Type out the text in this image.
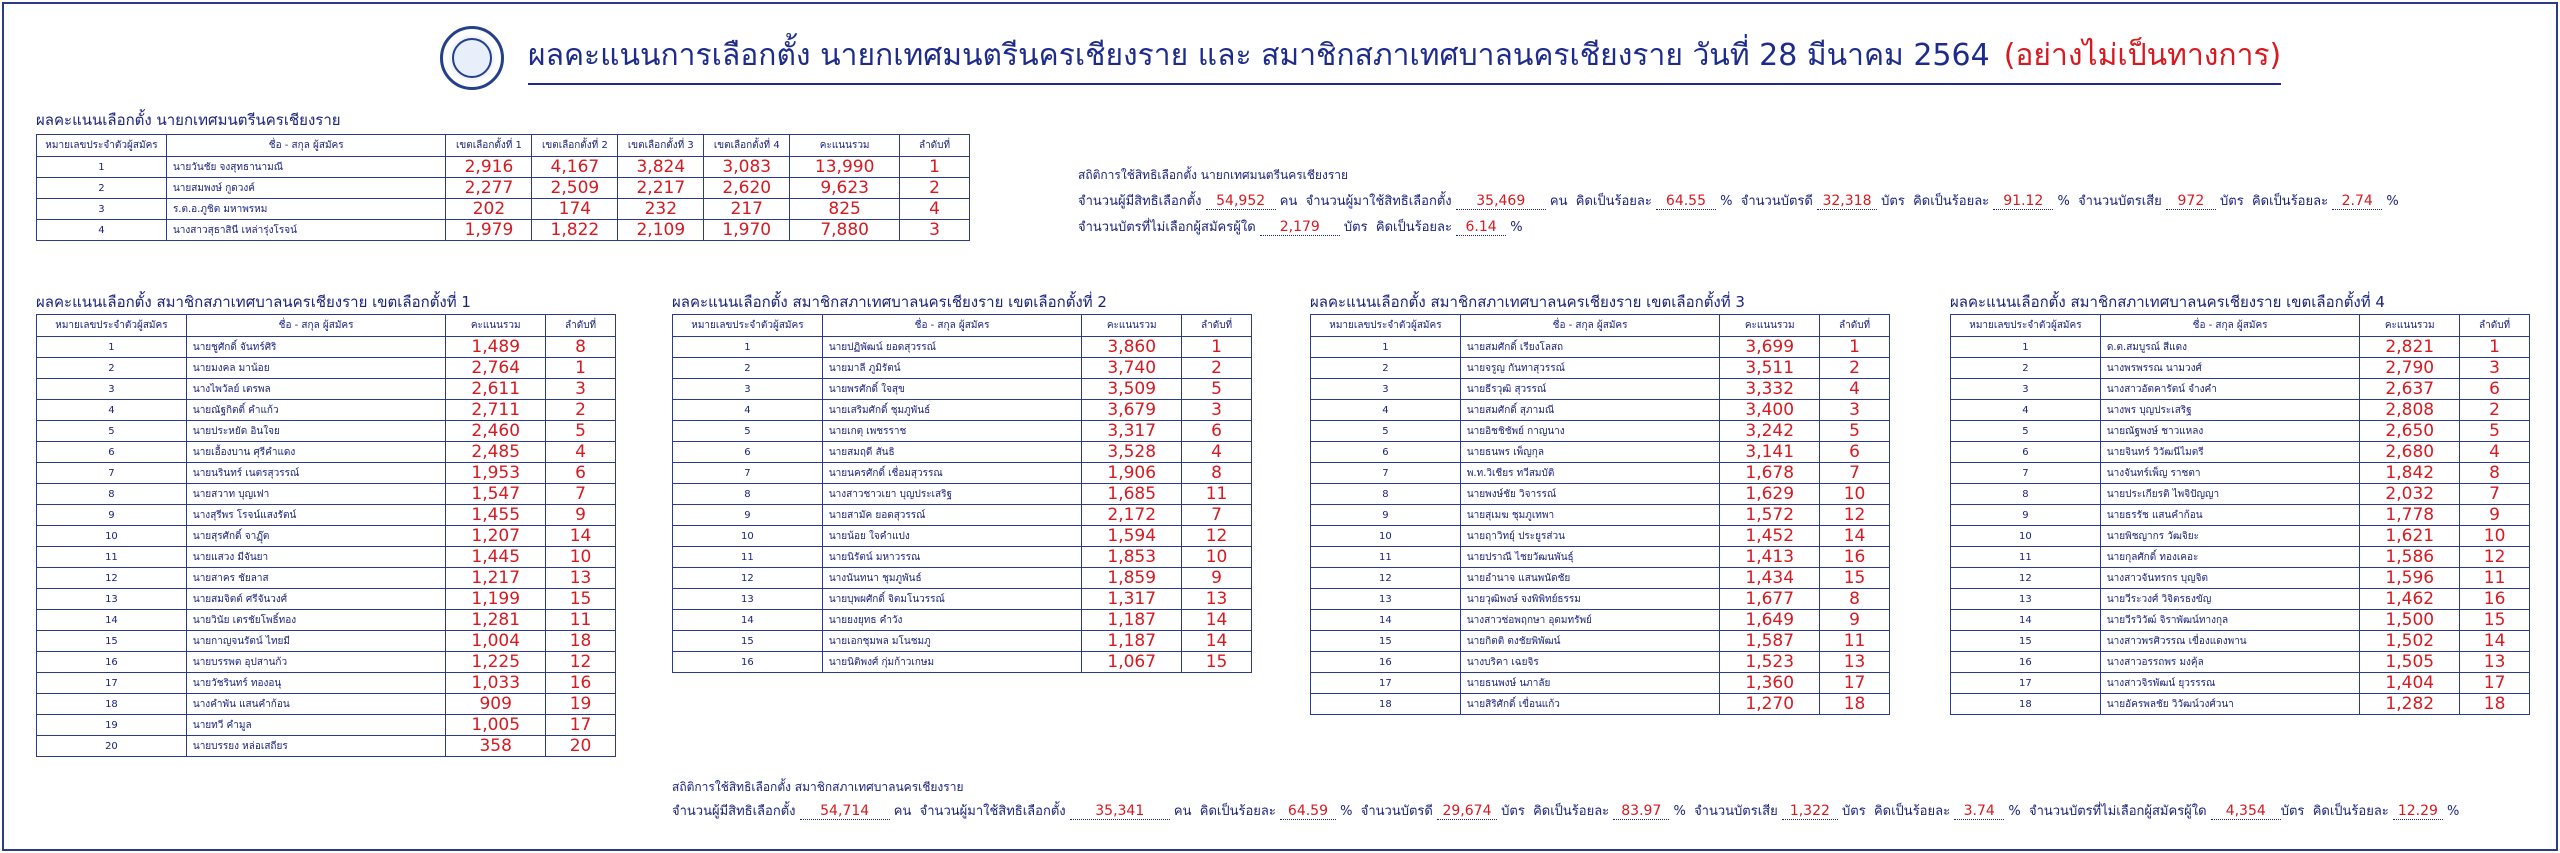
ผลคะแนนการเลือกตั้ง นายกเทศมนตรีนครเชียงราย และ สมาชิกสภาเทศบาลนครเชียงราย วันที่ 28 มีนาคม 2564 (อย่างไม่เป็นทางการ)
ผลคะแนนเลือกตั้ง นายกเทศมนตรีนครเชียงราย
หมายเลขประจำตัวผู้สมัคร	ชื่อ - สกุล ผู้สมัคร	เขตเลือกตั้งที่ 1	เขตเลือกตั้งที่ 2	เขตเลือกตั้งที่ 3	เขตเลือกตั้งที่ 4	คะแนนรวม	ลำดับที่
1	นายวันชัย จงสุทธานามณี	2,916	4,167	3,824	3,083	13,990	1
2	นายสมพงษ์ กูดวงค์	2,277	2,509	2,217	2,620	9,623	2
3	ร.ต.อ.ภูชิต มหาพรหม	202	174	232	217	825	4
4	นางสาวสุธาสินี เหล่ารุ่งโรจน์	1,979	1,822	2,109	1,970	7,880	3
สถิติการใช้สิทธิเลือกตั้ง นายกเทศมนตรีนครเชียงราย
จำนวนผู้มีสิทธิเลือกตั้ง 54,952 คน จำนวนผู้มาใช้สิทธิเลือกตั้ง 35,469 คน คิดเป็นร้อยละ 64.55 % จำนวนบัตรดี 32,318 บัตร คิดเป็นร้อยละ 91.12 % จำนวนบัตรเสีย 972 บัตร คิดเป็นร้อยละ 2.74 %
จำนวนบัตรที่ไม่เลือกผู้สมัครผู้ใด 2,179 บัตร คิดเป็นร้อยละ 6.14 %
ผลคะแนนเลือกตั้ง สมาชิกสภาเทศบาลนครเชียงราย เขตเลือกตั้งที่ 1	ผลคะแนนเลือกตั้ง สมาชิกสภาเทศบาลนครเชียงราย เขตเลือกตั้งที่ 2	ผลคะแนนเลือกตั้ง สมาชิกสภาเทศบาลนครเชียงราย เขตเลือกตั้งที่ 3	ผลคะแนนเลือกตั้ง สมาชิกสภาเทศบาลนครเชียงราย เขตเลือกตั้งที่ 4
หมายเลขประจำตัวผู้สมัคร	ชื่อ - สกุล ผู้สมัคร	คะแนนรวม	ลำดับที่
1	นายชูศักดิ์ จันทร์ศิริ	1,489	8
2	นายมงคล มาน้อย	2,764	1
3	นางไพวัลย์ เตรพล	2,611	3
4	นายณัฐกิตติ์ คำแก้ว	2,711	2
5	นายประหยัด อินใจย	2,460	5
6	นายเอื้องบาน ศุรีคำแดง	2,485	4
7	นายนรินทร์ เนตรสุวรรณ์	1,953	6
8	นายสวาท บุญเฟา	1,547	7
9	นางสุรีพร โรจน์แสงรัตน์	1,455	9
10	นายสุรศักดิ์ จาฏุ๊ต	1,207	14
11	นายแสวง มีจันยา	1,445	10
12	นายสาคร ชัยลาส	1,217	13
13	นายสมจิตต์ ศรีจันวงศ์	1,199	15
14	นายวินัย เตรชัยโพธิ์ทอง	1,281	11
15	นายกาญจนรัตน์ ไทยมี	1,004	18
16	นายบรรพต อุปสานก้ว	1,225	12
17	นายวัชรินทร์ ทองอนุ	1,033	16
18	นางคำพัน แสนคำก้อน	909	19
19	นายทวี คำมูล	1,005	17
20	นายบรรยง หล่อเสถียร	358	20
หมายเลขประจำตัวผู้สมัคร	ชื่อ - สกุล ผู้สมัคร	คะแนนรวม	ลำดับที่
1	นายปฏิพัฒน์ ยอดสุวรรณ์	3,860	1
2	นายมาลี ภูมิรัตน์	3,740	2
3	นายพรศักดิ์ ใจสุข	3,509	5
4	นายเสริมศักดิ์ ชุมภูพันธ์	3,679	3
5	นายเกตุ เพชรราช	3,317	6
6	นายสมฤดี สันธิ	3,528	4
7	นายนครศักดิ์ เชื่อมสุวรรณ	1,906	8
8	นางสาวชาวเยา บุญประเสริฐ	1,685	11
9	นายสามัค ยอดสุวรรณ์	2,172	7
10	นายน้อย ใจคำแปง	1,594	12
11	นายนิรัตน์ มหาวรรณ	1,853	10
12	นางนันทนา ชุมภูพันธ์	1,859	9
13	นายบุพผศักดิ์ จิตมโนวรรณ์	1,317	13
14	นายยงยุทธ คำวัง	1,187	14
15	นายเอกชุมพล มโนชมภู	1,187	14
16	นายนิติพงศ์ กุ่มก้าวเกษม	1,067	15
หมายเลขประจำตัวผู้สมัคร	ชื่อ - สกุล ผู้สมัคร	คะแนนรวม	ลำดับที่
1	นายสมศักดิ์ เรียงโลสถ	3,699	1
2	นายจรูญ กันทาสุวรรณ์	3,511	2
3	นายธีรวุฒิ สุวรรณ์	3,332	4
4	นายสมศักดิ์ สุภามณี	3,400	3
5	นายอิชชิชัพย์ กาญนาง	3,242	5
6	นายธนพร เพ็ญกุล	3,141	6
7	พ.ท.วิเชียร ทวีสมบัติ	1,678	7
8	นายพงษ์ชัย วิจารรณ์	1,629	10
9	นายสุเมฆ ชุมภูเทพา	1,572	12
10	นายฤาวิทยุ์ ประยูรส่วน	1,452	14
11	นายปราณี ไชยวัฒนพันธุ์	1,413	16
12	นายอำนาจ แสนพนัดชัย	1,434	15
13	นายวุฒิพงษ์ จงพิพิทย์ธรรม	1,677	8
14	นางสาวช่อพฤกษา อุดมทรัพย์	1,649	9
15	นายกิตติ ตงชัยพิพัฒน์	1,587	11
16	นางบริคา เฉยจิร	1,523	13
17	นายธนพงษ์ นภาลัย	1,360	17
18	นายสิริศักดิ์ เขื่อนแก้ว	1,270	18
หมายเลขประจำตัวผู้สมัคร	ชื่อ - สกุล ผู้สมัคร	คะแนนรวม	ลำดับที่
1	ด.ต.สมบูรณ์ สีแดง	2,821	1
2	นางพรพรรณ นามวงศ์	2,790	3
3	นางสาวอัตคารัตน์ จำงคำ	2,637	6
4	นางพร บุญประเสริฐ	2,808	2
5	นายณัฐพงษ์ ชาวแหลง	2,650	5
6	นายจินทร์ วิวัฒนีไมตรี	2,680	4
7	นางจันทร์เพ็ญ ราชตา	1,842	8
8	นายประเกียรติ ไพจิปัญญา	2,032	7
9	นายธรรัช แสนคำก้อน	1,778	9
10	นายพิชญากร วัฒจิยะ	1,621	10
11	นายกุลศักดิ์ ทองเคอะ	1,586	12
12	นางสาวจันทรกร บุญจิต	1,596	11
13	นายวีระวงศ์ วิจิตรธงขัญ	1,462	16
14	นายวีรวิวัฒ์ จิราพัฒน์ทางกุล	1,500	15
15	นางสาวพรศิวรรณ เขื่องแดงพาน	1,502	14
16	นางสาวอรรถพร มงคุ้ล	1,505	13
17	นางสาวจิรพัฒน์ ยุวรรรณ	1,404	17
18	นายอัครพลชัย วิวัฒน์วงศ์วนา	1,282	18
สถิติการใช้สิทธิเลือกตั้ง สมาชิกสภาเทศบาลนครเชียงราย
จำนวนผู้มีสิทธิเลือกตั้ง 54,714 คน จำนวนผู้มาใช้สิทธิเลือกตั้ง 35,341 คน คิดเป็นร้อยละ 64.59 % จำนวนบัตรดี 29,674 บัตร คิดเป็นร้อยละ 83.97 % จำนวนบัตรเสีย 1,322 บัตร คิดเป็นร้อยละ 3.74 % จำนวนบัตรที่ไม่เลือกผู้สมัครผู้ใด 4,354 บัตร คิดเป็นร้อยละ 12.29 %
